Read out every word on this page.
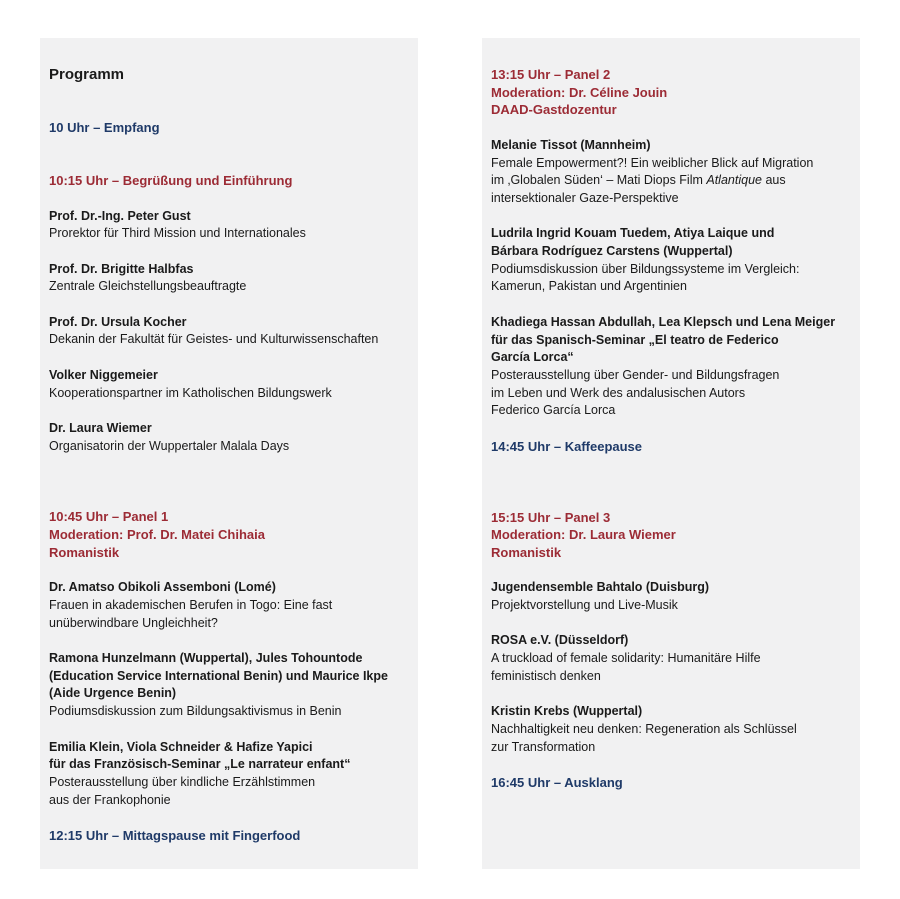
Programm
10 Uhr – Empfang
10:15 Uhr – Begrüßung und Einführung
Prof. Dr.-Ing. Peter Gust
Prorektor für Third Mission und Internationales
Prof. Dr. Brigitte Halbfas
Zentrale Gleichstellungsbeauftragte
Prof. Dr. Ursula Kocher
Dekanin der Fakultät für Geistes- und Kulturwissenschaften
Volker Niggemeier
Kooperationspartner im Katholischen Bildungswerk
Dr. Laura Wiemer
Organisatorin der Wuppertaler Malala Days
10:45 Uhr – Panel 1
Moderation: Prof. Dr. Matei Chihaia
Romanistik
Dr. Amatso Obikoli Assemboni (Lomé)
Frauen in akademischen Berufen in Togo: Eine fast
unüberwindbare Ungleichheit?
Ramona Hunzelmann (Wuppertal), Jules Tohountode
(Education Service International Benin) und Maurice Ikpe
(Aide Urgence Benin)
Podiumsdiskussion zum Bildungsaktivismus in Benin
Emilia Klein, Viola Schneider & Hafize Yapici
für das Französisch-Seminar „Le narrateur enfant“
Posterausstellung über kindliche Erzählstimmen
aus der Frankophonie
12:15 Uhr – Mittagspause mit Fingerfood
13:15 Uhr – Panel 2
Moderation: Dr. Céline Jouin
DAAD-Gastdozentur
Melanie Tissot (Mannheim)
Female Empowerment?! Ein weiblicher Blick auf Migration
im ‚Globalen Süden‘ – Mati Diops Film Atlantique aus
intersektionaler Gaze-Perspektive
Ludrila Ingrid Kouam Tuedem, Atiya Laique und
Bárbara Rodríguez Carstens (Wuppertal)
Podiumsdiskussion über Bildungssysteme im Vergleich:
Kamerun, Pakistan und Argentinien
Khadiega Hassan Abdullah, Lea Klepsch und Lena Meiger
für das Spanisch-Seminar „El teatro de Federico
García Lorca“
Posterausstellung über Gender- und Bildungsfragen
im Leben und Werk des andalusischen Autors
Federico García Lorca
14:45 Uhr – Kaffeepause
15:15 Uhr – Panel 3
Moderation: Dr. Laura Wiemer
Romanistik
Jugendensemble Bahtalo (Duisburg)
Projektvorstellung und Live-Musik
ROSA e.V. (Düsseldorf)
A truckload of female solidarity: Humanitäre Hilfe
feministisch denken
Kristin Krebs (Wuppertal)
Nachhaltigkeit neu denken: Regeneration als Schlüssel
zur Transformation
16:45 Uhr – Ausklang
